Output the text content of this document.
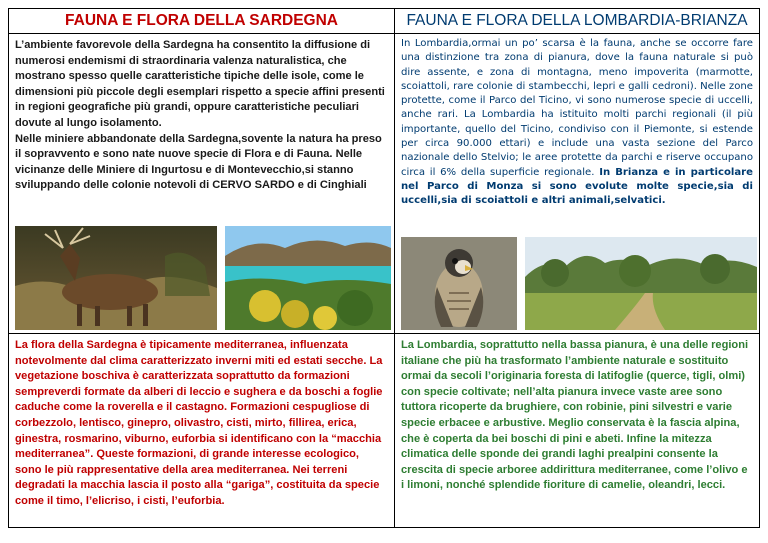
FAUNA E FLORA DELLA SARDEGNA	FAUNA E FLORA DELLA LOMBARDIA-BRIANZA
L’ambiente favorevole della Sardegna ha consentito la diffusione di numerosi endemismi di straordinaria valenza naturalistica, che mostrano spesso quelle caratteristiche tipiche delle isole, come le dimensioni più piccole degli esemplari rispetto a specie affini presenti in regioni geografiche più grandi, oppure caratteristiche peculiari dovute al lungo isolamento.
Nelle miniere abbandonate della Sardegna,sovente la natura ha preso il sopravvento e sono nate nuove specie di Flora e di Fauna. Nelle vicinanze delle Miniere di Ingurtosu e di Montevecchio,si stanno sviluppando delle colonie notevoli di CERVO SARDO e di Cinghiali
In Lombardia,ormai un po’ scarsa è la fauna, anche se occorre fare una distinzione tra zona di pianura, dove la fauna naturale si può dire assente, e zona di montagna, meno impoverita (marmotte, scoiattoli, rare colonie di stambecchi, lepri e galli cedroni). Nelle zone protette, come il Parco del Ticino, vi sono numerose specie di uccelli, anche rari. La Lombardia ha istituito molti parchi regionali (il più importante, quello del Ticino, condiviso con il Piemonte, si estende per circa 90.000 ettari) e include una vasta sezione del Parco nazionale dello Stelvio; le aree protette da parchi e riserve occupano circa il 6% della superficie regionale. In Brianza e in particolare nel Parco di Monza si sono evolute molte specie,sia di uccelli,sia di scoiattoli e altri animali,selvatici.
La flora della Sardegna è tipicamente mediterranea, influenzata notevolmente dal clima caratterizzato inverni miti ed estati secche. La vegetazione boschiva è caratterizzata soprattutto da formazioni sempreverdi formate da alberi di leccio e sughera e da boschi a foglie caduche come la roverella e il castagno. Formazioni cespugliose di corbezzolo, lentisco, ginepro, olivastro, cisti, mirto, fillirea, erica, ginestra, rosmarino, viburno, euforbia si identificano con la “macchia mediterranea”. Queste formazioni, di grande interesse ecologico, sono le più rappresentative della area mediterranea. Nei terreni degradati la macchia lascia il posto alla “gariga”, costituita da specie come il timo, l’elicriso, i cisti, l’euforbia.
La Lombardia, soprattutto nella bassa pianura, è una delle regioni italiane che più ha trasformato l’ambiente naturale e sostituito ormai da secoli l’originaria foresta di latifoglie (querce, tigli, olmi) con specie coltivate; nell’alta pianura invece vaste aree sono tuttora ricoperte da brughiere, con robinie, pini silvestri e varie specie erbacee e arbustive. Meglio conservata è la fascia alpina, che è coperta da bei boschi di pini e abeti. Infine la mitezza climatica delle sponde dei grandi laghi prealpini consente la crescita di specie arboree addirittura mediterranee, come l’olivo e i limoni, nonché splendide fioriture di camelie, oleandri, lecci.
